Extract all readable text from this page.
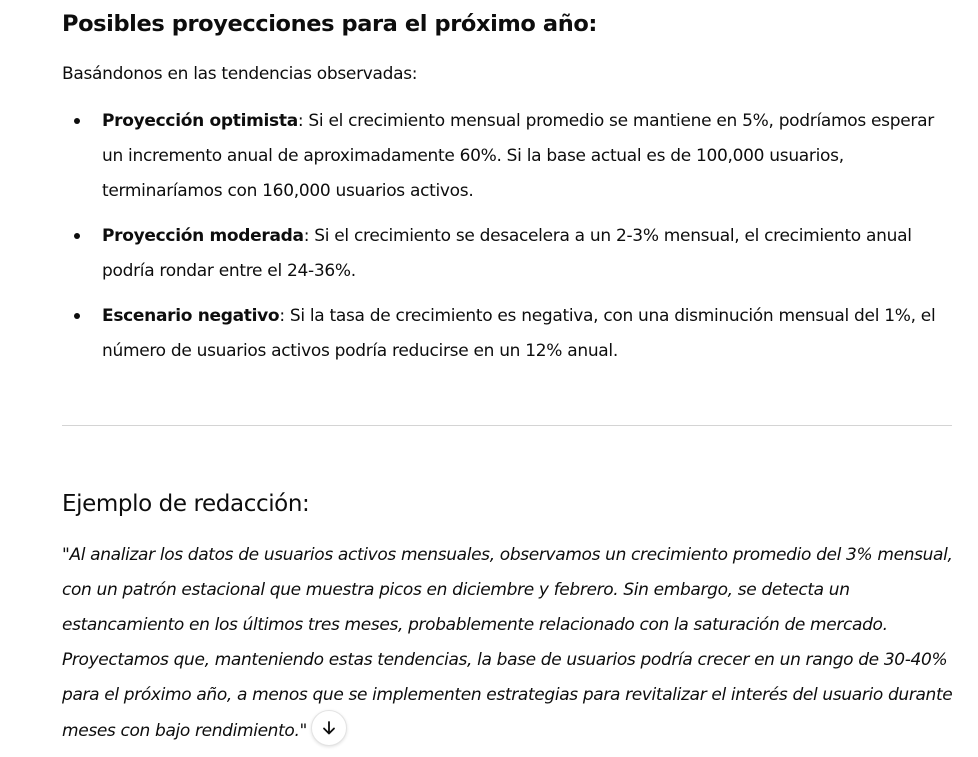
Posibles proyecciones para el próximo año:
Basándonos en las tendencias observadas:
Proyección optimista: Si el crecimiento mensual promedio se mantiene en 5%, podríamos esperar un incremento anual de aproximadamente 60%. Si la base actual es de 100,000 usuarios, terminaríamos con 160,000 usuarios activos.
Proyección moderada: Si el crecimiento se desacelera a un 2-3% mensual, el crecimiento anual podría rondar entre el 24-36%.
Escenario negativo: Si la tasa de crecimiento es negativa, con una disminución mensual del 1%, el número de usuarios activos podría reducirse en un 12% anual.
Ejemplo de redacción:
"Al analizar los datos de usuarios activos mensuales, observamos un crecimiento promedio del 3% mensual, con un patrón estacional que muestra picos en diciembre y febrero. Sin embargo, se detecta un estancamiento en los últimos tres meses, probablemente relacionado con la saturación de mercado. Proyectamos que, manteniendo estas tendencias, la base de usuarios podría crecer en un rango de 30-40% para el próximo año, a menos que se implementen estrategias para revitalizar el interés del usuario durante meses con bajo rendimiento."
